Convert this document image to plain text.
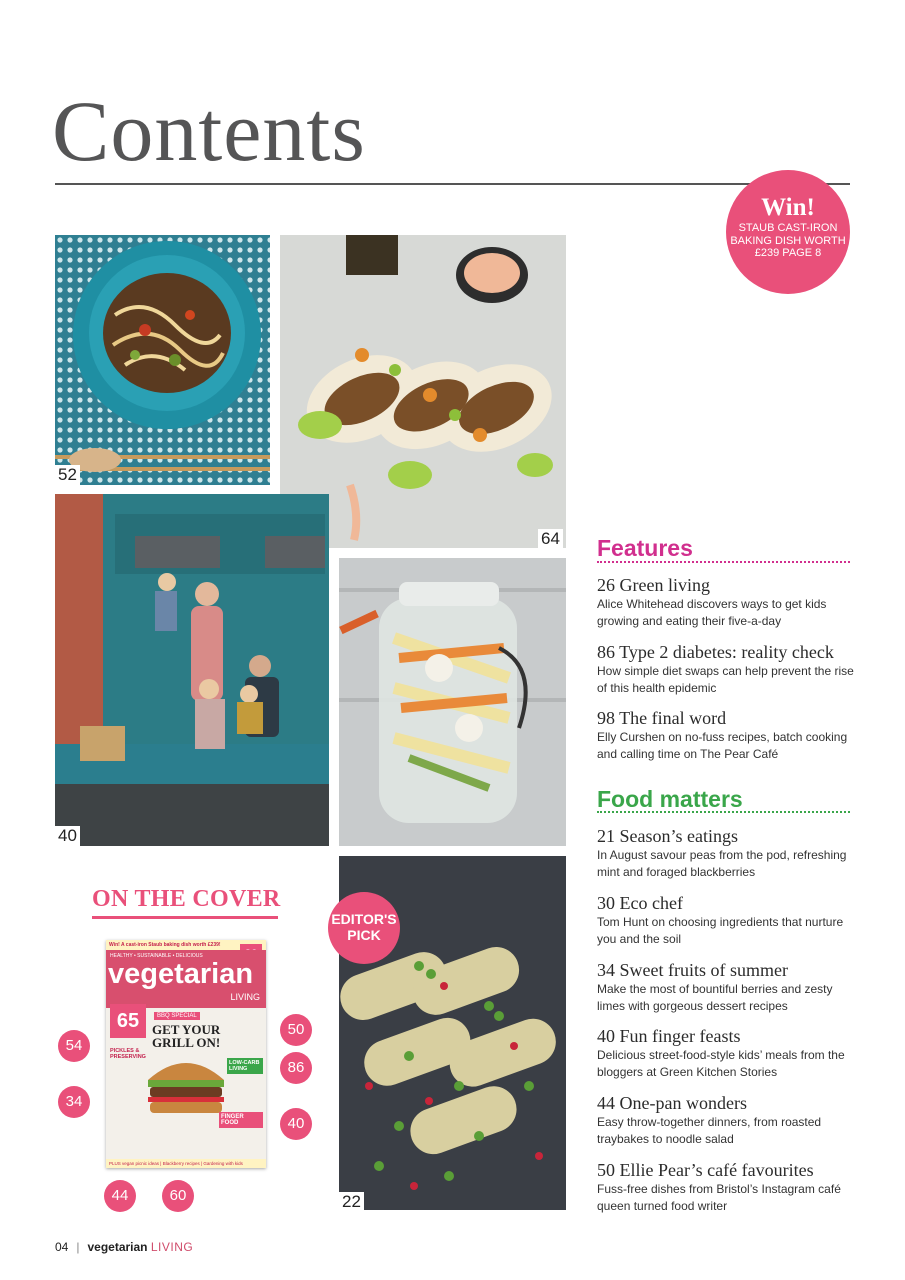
Contents
Win!
STAUB CAST-IRON BAKING DISH WORTH £239 PAGE 8
52
64
40
22
EDITOR'S
PICK
ON THE COVER
Win! A cast-iron Staub baking dish worth £239!
HEALTHY • SUSTAINABLE • DELICIOUS
vegetarian
LIVING
BBQ SPECIAL
GET YOUR
GRILL ON!
65
PICKLES & PRESERVING
LOW-CARB LIVING
FINGER FOOD
PLUS vegan picnic ideas | Blackberry recipes | Gardening with kids
54
50
86
34
40
44	60
Features
26 Green living
Alice Whitehead discovers ways to get kids growing and eating their five-a-day
86 Type 2 diabetes: reality check
How simple diet swaps can help prevent the rise of this health epidemic
98 The final word
Elly Curshen on no-fuss recipes, batch cooking and calling time on The Pear Café
Food matters
21 Season’s eatings
In August savour peas from the pod, refreshing mint and foraged blackberries
30 Eco chef
Tom Hunt on choosing ingredients that nurture you and the soil
34 Sweet fruits of summer
Make the most of bountiful berries and zesty limes with gorgeous dessert recipes
40 Fun finger feasts
Delicious street-food-style kids’ meals from the bloggers at Green Kitchen Stories
44 One-pan wonders
Easy throw-together dinners, from roasted traybakes to noodle salad
50 Ellie Pear’s café favourites
Fuss-free dishes from Bristol’s Instagram café queen turned food writer
04 | vegetarian LIVING
